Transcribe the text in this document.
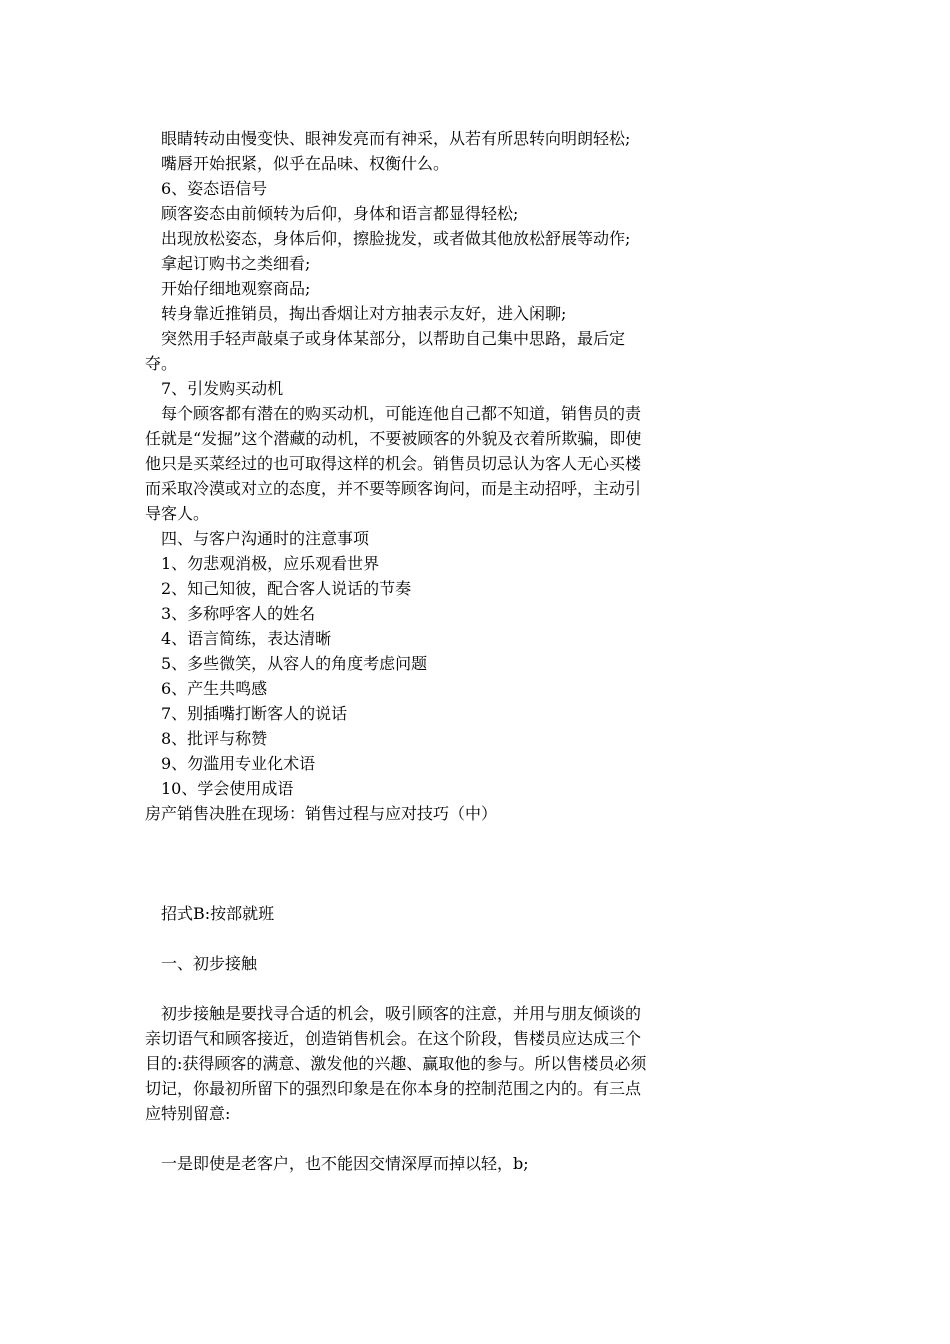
眼睛转动由慢变快、眼神发亮而有神采，从若有所思转向明朗轻松;

嘴唇开始抿紧，似乎在品味、权衡什么。

6、姿态语信号

顾客姿态由前倾转为后仰，身体和语言都显得轻松;

出现放松姿态，身体后仰，擦脸拢发，或者做其他放松舒展等动作;

拿起订购书之类细看;

开始仔细地观察商品;

转身靠近推销员，掏出香烟让对方抽表示友好，进入闲聊;

突然用手轻声敲桌子或身体某部分，以帮助自己集中思路，最后定夺。

7、引发购买动机

每个顾客都有潜在的购买动机，可能连他自己都不知道，销售员的责任就是“发掘”这个潜藏的动机，不要被顾客的外貌及衣着所欺骗，即使他只是买菜经过的也可取得这样的机会。销售员切忌认为客人无心买楼而采取冷漠或对立的态度，并不要等顾客询问，而是主动招呼，主动引导客人。

四、与客户沟通时的注意事项

1、勿悲观消极，应乐观看世界

2、知己知彼，配合客人说话的节奏

3、多称呼客人的姓名

4、语言简练，表达清晰

5、多些微笑，从容人的角度考虑问题

6、产生共鸣感

7、别插嘴打断客人的说话

8、批评与称赞

9、勿滥用专业化术语

10、学会使用成语

房产销售决胜在现场：销售过程与应对技巧（中）

招式B:按部就班

一、初步接触

初步接触是要找寻合适的机会，吸引顾客的注意，并用与朋友倾谈的亲切语气和顾客接近，创造销售机会。在这个阶段，售楼员应达成三个目的:获得顾客的满意、激发他的兴趣、赢取他的参与。所以售楼员必须切记，你最初所留下的强烈印象是在你本身的控制范围之内的。有三点应特别留意:

一是即使是老客户，也不能因交情深厚而掉以轻，b;
